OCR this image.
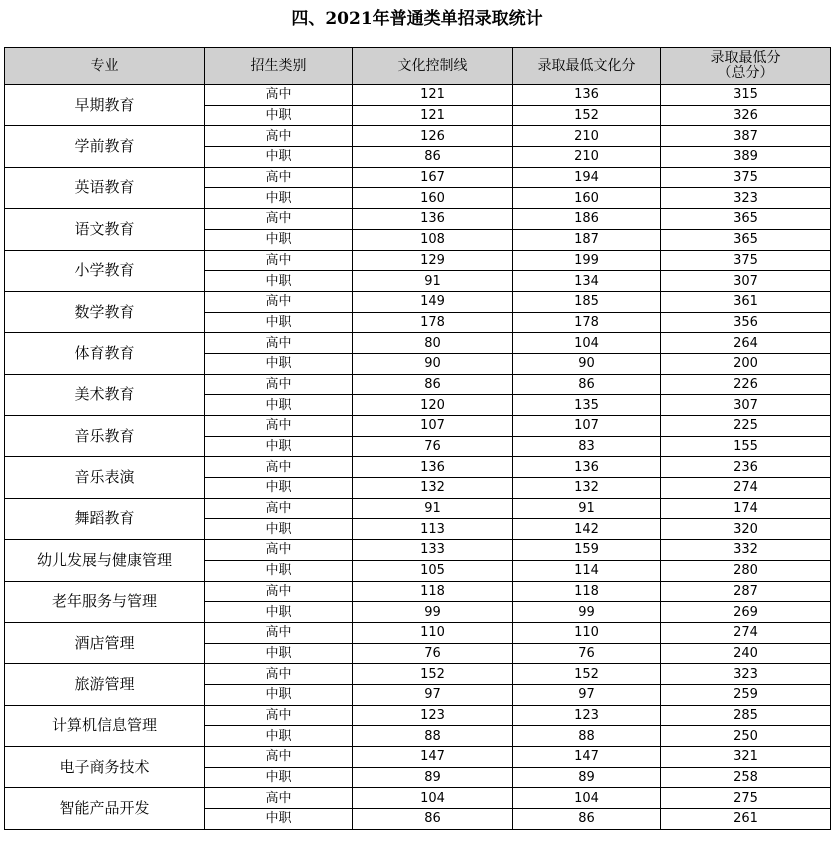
四、2021年普通类单招录取统计
专业	招生类别	文化控制线	录取最低文化分	录取最低分
（总分）

早期教育	高中	121	136	315
	中职	121	152	326
学前教育	高中	126	210	387
	中职	86	210	389
英语教育	高中	167	194	375
	中职	160	160	323
语文教育	高中	136	186	365
	中职	108	187	365
小学教育	高中	129	199	375
	中职	91	134	307
数学教育	高中	149	185	361
	中职	178	178	356
体育教育	高中	80	104	264
	中职	90	90	200
美术教育	高中	86	86	226
	中职	120	135	307
音乐教育	高中	107	107	225
	中职	76	83	155
音乐表演	高中	136	136	236
	中职	132	132	274
舞蹈教育	高中	91	91	174
	中职	113	142	320
幼儿发展与健康管理	高中	133	159	332
	中职	105	114	280
老年服务与管理	高中	118	118	287
	中职	99	99	269
酒店管理	高中	110	110	274
	中职	76	76	240
旅游管理	高中	152	152	323
	中职	97	97	259
计算机信息管理	高中	123	123	285
	中职	88	88	250
电子商务技术	高中	147	147	321
	中职	89	89	258
智能产品开发	高中	104	104	275
	中职	86	86	261
